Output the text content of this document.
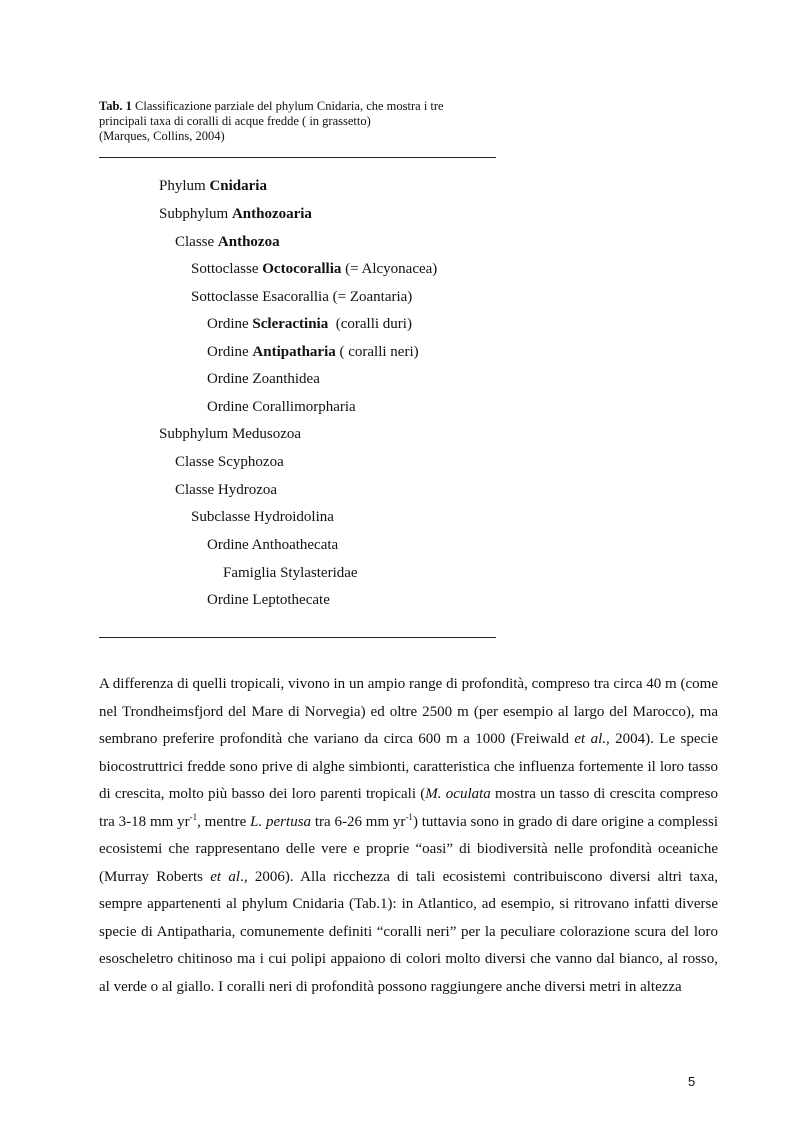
Tab. 1 Classificazione parziale del phylum Cnidaria, che mostra i tre
principali taxa di coralli di acque fredde ( in grassetto)
(Marques, Collins, 2004)
Phylum Cnidaria
Subphylum Anthozoaria
Classe Anthozoa
Sottoclasse Octocorallia (= Alcyonacea)
Sottoclasse Esacorallia (= Zoantaria)
Ordine Scleractinia  (coralli duri)
Ordine Antipatharia ( coralli neri)
Ordine Zoanthidea
Ordine Corallimorpharia
Subphylum Medusozoa
Classe Scyphozoa
Classe Hydrozoa
Subclasse Hydroidolina
Ordine Anthoathecata
Famiglia Stylasteridae
Ordine Leptothecate

A differenza di quelli tropicali, vivono in un ampio range di profondità, compreso tra circa 40 m (come nel Trondheimsfjord del Mare di Norvegia) ed oltre 2500 m (per esempio al largo del Marocco), ma sembrano preferire profondità che variano da circa 600 m a 1000 (Freiwald et al., 2004). Le specie biocostruttrici fredde sono prive di alghe simbionti, caratteristica che influenza fortemente il loro tasso di crescita, molto più basso dei loro parenti tropicali (M. oculata mostra un tasso di crescita compreso tra 3-18 mm $yr^{-1}$, mentre L. pertusa tra 6-26 mm $yr^{-1}$) tuttavia sono in grado di dare origine a complessi ecosistemi che rappresentano delle vere e proprie “oasi” di biodiversità nelle profondità oceaniche (Murray Roberts et al., 2006). Alla ricchezza di tali ecosistemi contribuiscono diversi altri taxa, sempre appartenenti al phylum Cnidaria (Tab.1): in Atlantico, ad esempio, si ritrovano infatti diverse specie di Antipatharia, comunemente definiti “coralli neri” per la peculiare colorazione scura del loro esoscheletro chitinoso ma i cui polipi appaiono di colori molto diversi che vanno dal bianco, al rosso, al verde o al giallo. I coralli neri di profondità possono raggiungere anche diversi metri in altezza

5
